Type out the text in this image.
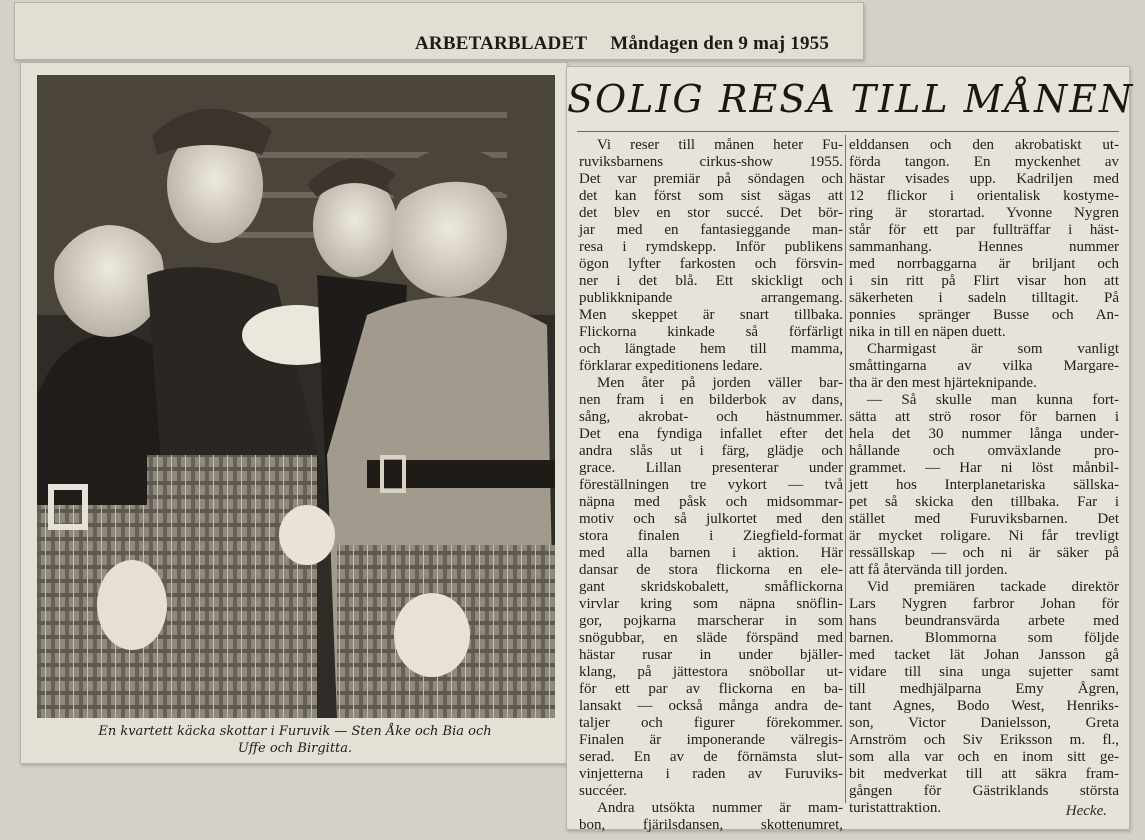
ARBETARBLADET Måndagen den 9 maj 1955
En kvartett käcka skottar i Furuvik — Sten Åke och Bia och
Uffe och Birgitta.
SOLIG RESA TILL MÅNEN
Vi reser till månen heter Fu-
ruviksbarnens cirkus-show 1955.
Det var premiär på söndagen och
det kan först som sist sägas att
det blev en stor succé. Det bör-
jar med en fantasieggande man-
resa i rymdskepp. Inför publikens
ögon lyfter farkosten och försvin-
ner i det blå. Ett skickligt och
publikknipande arrangemang.
Men skeppet är snart tillbaka.
Flickorna kinkade så förfärligt
och längtade hem till mamma,
förklarar expeditionens ledare.
Men åter på jorden väller bar-
nen fram i en bilderbok av dans,
sång, akrobat- och hästnummer.
Det ena fyndiga infallet efter det
andra slås ut i färg, glädje och
grace. Lillan presenterar under
föreställningen tre vykort — två
näpna med påsk och midsommar-
motiv och så julkortet med den
stora finalen i Ziegfield-format
med alla barnen i aktion. Här
dansar de stora flickorna en ele-
gant skridskobalett, småflickorna
virvlar kring som näpna snöflin-
gor, pojkarna marscherar in som
snögubbar, en släde förspänd med
hästar rusar in under bjäller-
klang, på jättestora snöbollar ut-
för ett par av flickorna en ba-
lansakt — också många andra de-
taljer och figurer förekommer.
Finalen är imponerande välregis-
serad. En av de förnämsta slut-
vinjetterna i raden av Furuviks-
succéer.
Andra utsökta nummer är mam-
bon, fjärilsdansen, skottenumret,
elddansen och den akrobatiskt ut-
förda tangon. En myckenhet av
hästar visades upp. Kadriljen med
12 flickor i orientalisk kostyme-
ring är storartad. Yvonne Nygren
står för ett par fullträffar i häst-
sammanhang. Hennes nummer
med norrbaggarna är briljant och
i sin ritt på Flirt visar hon att
säkerheten i sadeln tilltagit. På
ponnies spränger Busse och An-
nika in till en näpen duett.
Charmigast är som vanligt
småttingarna av vilka Margare-
tha är den mest hjärteknipande.
— Så skulle man kunna fort-
sätta att strö rosor för barnen i
hela det 30 nummer långa under-
hållande och omväxlande pro-
grammet. — Har ni löst månbil-
jett hos Interplanetariska sällska-
pet så skicka den tillbaka. Far i
stället med Furuviksbarnen. Det
är mycket roligare. Ni får trevligt
ressällskap — och ni är säker på
att få återvända till jorden.
Vid premiären tackade direktör
Lars Nygren farbror Johan för
hans beundransvärda arbete med
barnen. Blommorna som följde
med tacket lät Johan Jansson gå
vidare till sina unga sujetter samt
till medhjälparna Emy Ågren,
tant Agnes, Bodo West, Henriks-
son, Victor Danielsson, Greta
Arnström och Siv Eriksson m. fl.,
som alla var och en inom sitt ge-
bit medverkat till att säkra fram-
gången för Gästriklands största
turistattraktion.	Hecke.
